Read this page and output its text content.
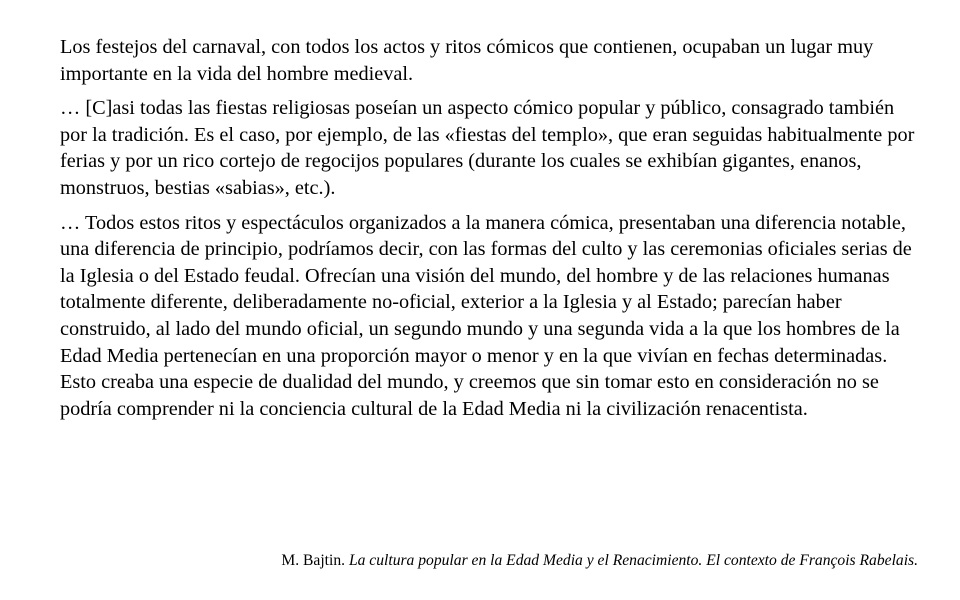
Los festejos del carnaval, con todos los actos y ritos cómicos que contienen, ocupaban un lugar muy importante en la vida del hombre medieval.

… [C]asi todas las fiestas religiosas poseían un aspecto cómico popular y público, consagrado también por la tradición. Es el caso, por ejemplo, de las «fiestas del templo», que eran seguidas habitualmente por ferias y por un rico cortejo de regocijos populares (durante los cuales se exhibían gigantes, enanos, monstruos, bestias «sabias», etc.).

… Todos estos ritos y espectáculos organizados a la manera cómica, presentaban una diferencia notable, una diferencia de principio, podríamos decir, con las formas del culto y las ceremonias oficiales serias de la Iglesia o del Estado feudal. Ofrecían una visión del mundo, del hombre y de las relaciones humanas totalmente diferente, deliberadamente no-oficial, exterior a la Iglesia y al Estado; parecían haber construido, al lado del mundo oficial, un segundo mundo y una segunda vida a la que los hombres de la Edad Media pertenecían en una proporción mayor o menor y en la que vivían en fechas determinadas. Esto creaba una especie de dualidad del mundo, y creemos que sin tomar esto en consideración no se podría comprender ni la conciencia cultural de la Edad Media ni la civilización renacentista.

M. Bajtin. La cultura popular en la Edad Media y el Renacimiento. El contexto de François Rabelais.
